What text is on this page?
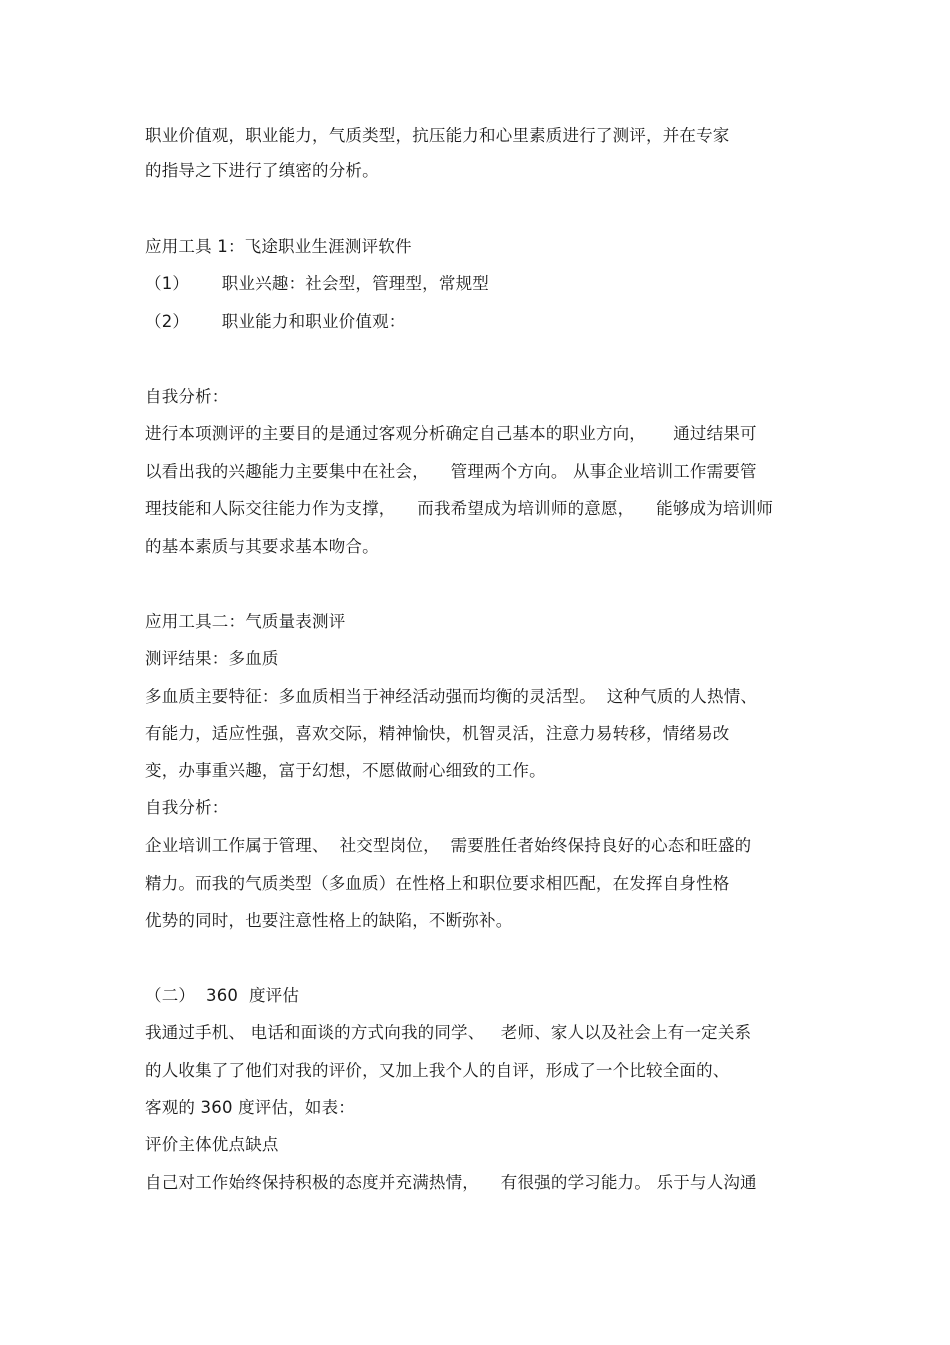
职业价值观，职业能力，气质类型，抗压能力和心里素质进行了测评，并在专家
的指导之下进行了缜密的分析。
应用工具 1：飞途职业生涯测评软件
（1）      职业兴趣：社会型，管理型，常规型
（2）      职业能力和职业价值观：
自我分析：
进行本项测评的主要目的是通过客观分析确定自己基本的职业方向，     通过结果可
以看出我的兴趣能力主要集中在社会，    管理两个方向。 从事企业培训工作需要管
理技能和人际交往能力作为支撑，    而我希望成为培训师的意愿，    能够成为培训师
的基本素质与其要求基本吻合。
应用工具二：气质量表测评
测评结果：多血质
多血质主要特征：多血质相当于神经活动强而均衡的灵活型。  这种气质的人热情、
有能力，适应性强，喜欢交际，精神愉快，机智灵活，注意力易转移，情绪易改
变，办事重兴趣，富于幻想，不愿做耐心细致的工作。
自我分析：
企业培训工作属于管理、  社交型岗位，  需要胜任者始终保持良好的心态和旺盛的
精力。而我的气质类型（多血质）在性格上和职位要求相匹配，在发挥自身性格
优势的同时，也要注意性格上的缺陷，不断弥补。
（二）  360  度评估
我通过手机、 电话和面谈的方式向我的同学、   老师、家人以及社会上有一定关系
的人收集了了他们对我的评价，又加上我个人的自评，形成了一个比较全面的、
客观的 360 度评估，如表：
评价主体优点缺点
自己对工作始终保持积极的态度并充满热情，    有很强的学习能力。 乐于与人沟通
